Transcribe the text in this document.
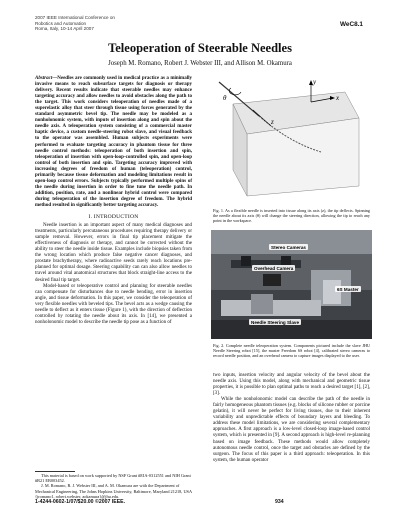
2007 IEEE International Conference on
Robotics and Automation
Roma, Italy, 10-14 April 2007
WeC8.1
Teleoperation of Steerable Needles
Joseph M. Romano, Robert J. Webster III, and Allison M. Okamura
Abstract—Needles are commonly used in medical practice as a minimally invasive means to reach subsurface targets for diagnosis or therapy delivery. Recent results indicate that steerable needles may enhance targeting accuracy and allow needles to avoid obstacles along the path to the target. This work considers teleoperation of needles made of a superelastic alloy that steer through tissue using forces generated by the standard asymmetric bevel tip. The needle may be modeled as a nonholonomic system, with inputs of insertion along and spin about the needle axis. A teleoperation system consisting of a commercial master haptic device, a custom needle-steering robot slave, and visual feedback to the operator was assembled. Human subjects experiments were performed to evaluate targeting accuracy in phantom tissue for three needle control methods: teleoperation of both insertion and spin, teleoperation of insertion with open-loop-controlled spin, and open-loop control of both insertion and spin. Targeting accuracy improved with increasing degrees of freedom of human (teleoperation) control, primarily because tissue deformation and modeling limitations result in open-loop control errors. Subjects typically performed multiple spins of the needle during insertion in order to fine tune the needle path. In addition, position, rate, and a nonlinear hybrid control were compared during teleoperation of the insertion degree of freedom. The hybrid method resulted in significantly better targeting accuracy.
I. INTRODUCTION

Needle insertion is an important aspect of many medical diagnoses and treatments, particularly percutaneous procedures requiring therapy delivery or sample removal. However, errors in final tip placement mitigate the effectiveness of diagnosis or therapy, and cannot be corrected without the ability to steer the needle inside tissue. Examples include biopsies taken from the wrong location which produce false negative cancer diagnoses, and prostate brachytherapy, where radioactive seeds rarely reach locations pre-planned for optimal dosage. Steering capability can can also allow needles to travel around vital anatomical structures that block straight-line access to the desired final tip target.

Model-based or teleoperative control and planning for steerable needles can compensate for disturbances due to needle bending, error in insertion angle, and tissue deformation. In this paper, we consider the teleoperation of very flexible needles with beveled tips. The bevel acts as a wedge causing the needle to deflect as it enters tissue (Figure 1), with the direction of deflection controlled by rotating the needle about its axis. In [14], we presented a nonholonomic model to describe the needle tip pose as a function of

This material is based on work supported by NSF Grant #EIA-0312551 and NIH Grant #R21 EB003452.
J. M. Romano, R. J. Webster III, and A. M. Okamura are with the Department of Mechanical Engineering, The Johns Hopkins University, Baltimore, Maryland 21218, USA {jromano1, robert.webster, aokamura}@jhu.edu.
x
y
z
θ
Fig. 1. As a flexible needle is inserted into tissue along its axis (z), the tip deflects. Spinning the needle about its axis (θ) will change the steering direction, allowing the tip to reach any point in the workspace.
Stereo Cameras
Overhead Camera
6S Master
Needle Steering Slave
Fig. 2. Complete needle teleoperation system. Components pictured include the slave JHU Needle Steering robot [15], the master Freedom 6S robot [4], calibrated stereo cameras to record needle position, and an overhead camera to capture images displayed to the user.

two inputs, insertion velocity and angular velocity of the bevel about the needle axis. Using this model, along with mechanical and geometric tissue properties, it is possible to plan optimal paths to reach a desired target [1], [2], [3].

While the nonholonomic model can describe the path of the needle in fairly homogeneous phantom tissues (e.g. blocks of silicone rubber or porcine gelatin), it will never be perfect for living tissues, due to their inherent variability and unpredictable effects of boundary layers and bleeding. To address these model limitations, we are considering several complementary approaches. A first approach is a low-level closed-loop image-based control system, which is presented in [9]. A second approach is high-level re-planning based on image feedback. These methods would allow completely autonomous needle control, once the target and obstacles are defined by the surgeon. The focus of this paper is a third approach: teleoperation. In this system, the human operator

1-4244-0602-1/07/$20.00 ©2007 IEEE.	934
